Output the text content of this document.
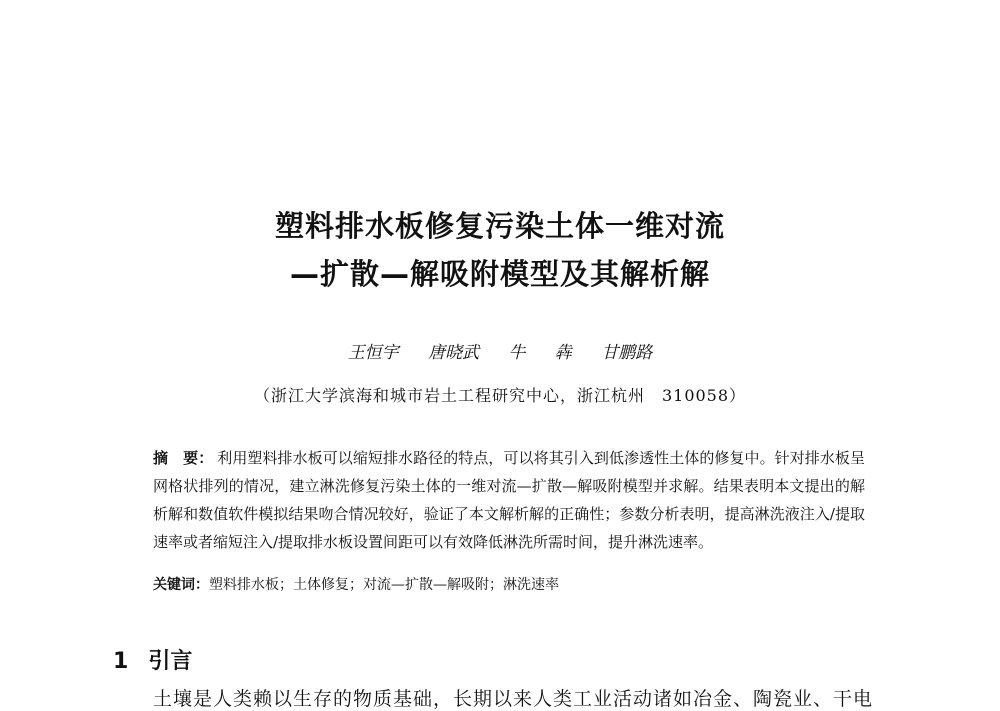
塑料排水板修复污染土体一维对流
—扩散—解吸附模型及其解析解
王恒宇 唐晓武 牛 犇 甘鹏路
（浙江大学滨海和城市岩土工程研究中心，浙江杭州　310058）
摘　要： 利用塑料排水板可以缩短排水路径的特点，可以将其引入到低渗透性土体的修复中。针对排水板呈网格状排列的情况，建立淋洗修复污染土体的一维对流—扩散—解吸附模型并求解。结果表明本文提出的解析解和数值软件模拟结果吻合情况较好，验证了本文解析解的正确性；参数分析表明，提高淋洗液注入/提取速率或者缩短注入/提取排水板设置间距可以有效降低淋洗所需时间，提升淋洗速率。
关键词：塑料排水板；土体修复；对流—扩散—解吸附；淋洗速率
1 引言
土壤是人类赖以生存的物质基础，长期以来人类工业活动诸如冶金、陶瓷业、干电
